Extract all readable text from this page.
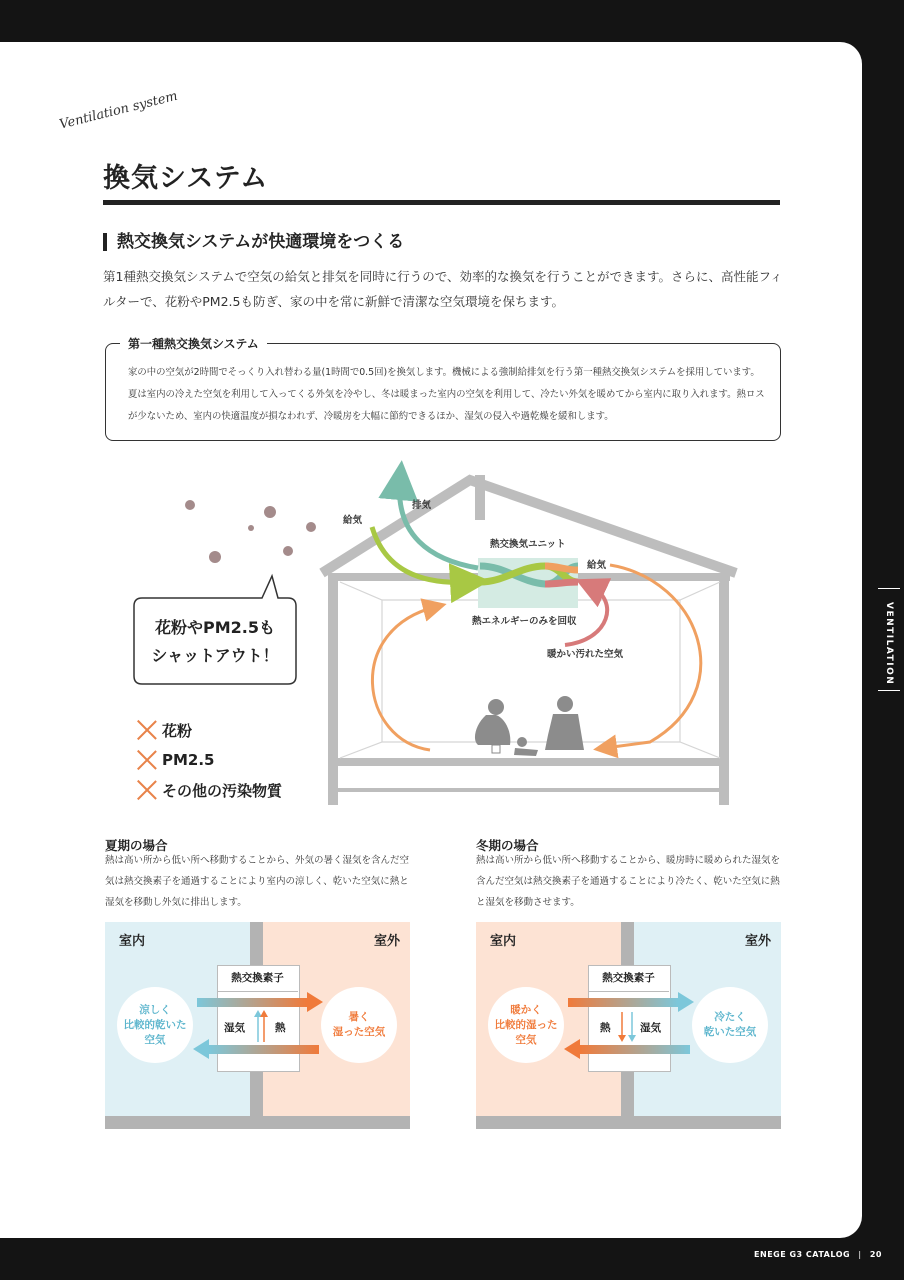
Ventilation system
換気システム
熱交換気システムが快適環境をつくる
第1種熱交換気システムで空気の給気と排気を同時に行うので、効率的な換気を行うことができます。さらに、高性能フィルターで、花粉やPM2.5も防ぎ、家の中を常に新鮮で清潔な空気環境を保ちます。
第一種熱交換気システム
家の中の空気が2時間でそっくり入れ替わる量(1時間で0.5回)を換気します。機械による強制給排気を行う第一種熱交換気システムを採用しています。夏は室内の冷えた空気を利用して入ってくる外気を冷やし、冬は暖まった室内の空気を利用して、冷たい外気を暖めてから室内に取り入れます。熱ロスが少ないため、室内の快適温度が損なわれず、冷暖房を大幅に節約できるほか、湿気の侵入や過乾燥を緩和します。
給気
排気
熱交換気ユニット
給気
熱エネルギーのみを回収
暖かい汚れた空気
花粉やPM2.5も
シャットアウト！
花粉
PM2.5
その他の汚染物質
夏期の場合
熱は高い所から低い所へ移動することから、外気の暑く湿気を含んだ空気は熱交換素子を通過することにより室内の涼しく、乾いた空気に熱と湿気を移動し外気に排出します。
室内	室外
熱交換素子
湿気	熱
涼しく
比較的乾いた
空気
暑く
湿った空気
冬期の場合
熱は高い所から低い所へ移動することから、暖房時に暖められた湿気を含んだ空気は熱交換素子を通過することにより冷たく、乾いた空気に熱と湿気を移動させます。
室内	室外
熱交換素子
熱	湿気
暖かく
比較的湿った
空気
冷たく
乾いた空気
VENTILATION
ENEGE G3 CATALOG | 20
